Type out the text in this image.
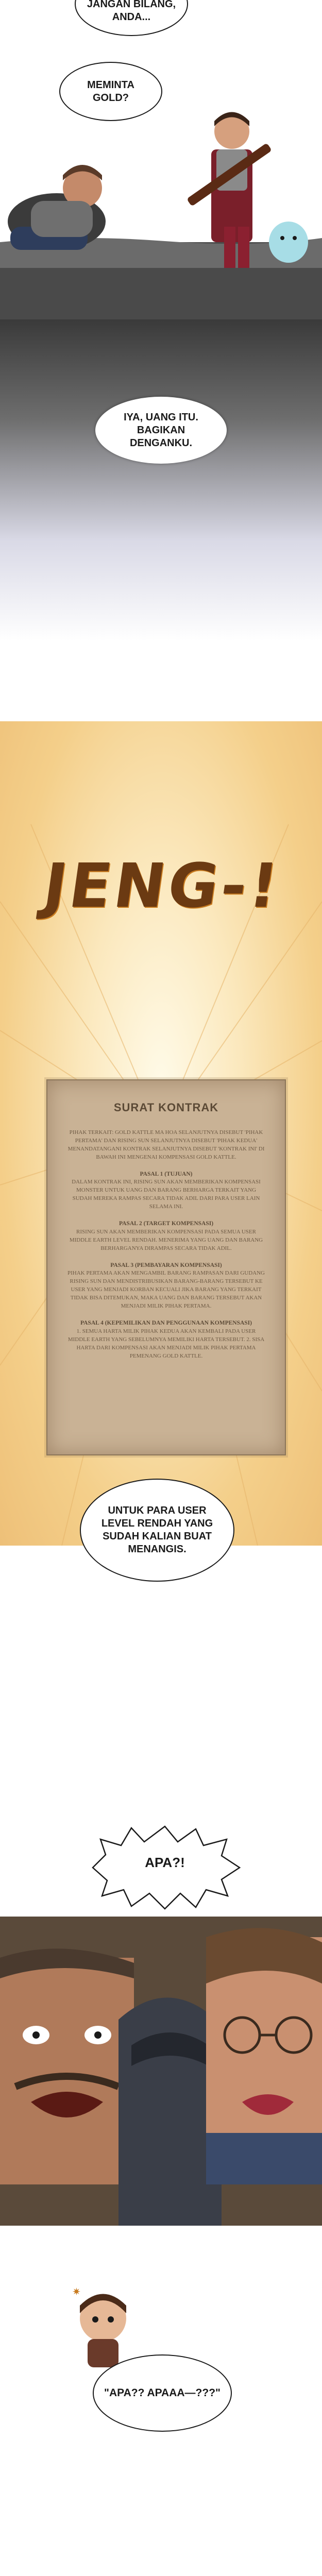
JANGAN BILANG, ANDA...
MEMINTA GOLD?
IYA, UANG ITU. BAGIKAN DENGANKU.
JENG-!
SURAT KONTRAK
PIHAK TERKAIT: GOLD KATTLE MA HOA SELANJUTNYA DISEBUT 'PIHAK PERTAMA' DAN RISING SUN SELANJUTNYA DISEBUT 'PIHAK KEDUA' MENANDATANGANI KONTRAK SELANJUTNYA DISEBUT 'KONTRAK INI' DI BAWAH INI MENGENAI KOMPENSASI GOLD KATTLE.
PASAL 1 (TUJUAN)
DALAM KONTRAK INI, RISING SUN AKAN MEMBERIKAN KOMPENSASI MONSTER UNTUK UANG DAN BARANG BERHARGA TERKAIT YANG SUDAH MEREKA RAMPAS SECARA TIDAK ADIL DARI PARA USER LAIN SELAMA INI.
PASAL 2 (TARGET KOMPENSASI)
RISING SUN AKAN MEMBERIKAN KOMPENSASI PADA SEMUA USER MIDDLE EARTH LEVEL RENDAH. MENERIMA YANG UANG DAN BARANG BERHARGANYA DIRAMPAS SECARA TIDAK ADIL.
PASAL 3 (PEMBAYARAN KOMPENSASI)
PIHAK PERTAMA AKAN MENGAMBIL BARANG RAMPASAN DARI GUDANG RISING SUN DAN MENDISTRIBUSIKAN BARANG-BARANG TERSEBUT KE USER YANG MENJADI KORBAN KECUALI JIKA BARANG YANG TERKAIT TIDAK BISA DITEMUKAN, MAKA UANG DAN BARANG TERSEBUT AKAN MENJADI MILIK PIHAK PERTAMA.
PASAL 4 (KEPEMILIKAN DAN PENGGUNAAN KOMPENSASI)
1. SEMUA HARTA MILIK PIHAK KEDUA AKAN KEMBALI PADA USER MIDDLE EARTH YANG SEBELUMNYA MEMILIKI HARTA TERSEBUT. 2. SISA HARTA DARI KOMPENSASI AKAN MENJADI MILIK PIHAK PERTAMA PEMENANG GOLD KATTLE.
UNTUK PARA USER LEVEL RENDAH YANG SUDAH KALIAN BUAT MENANGIS.
APA?!
✷
"APA?? APAAA—???"
